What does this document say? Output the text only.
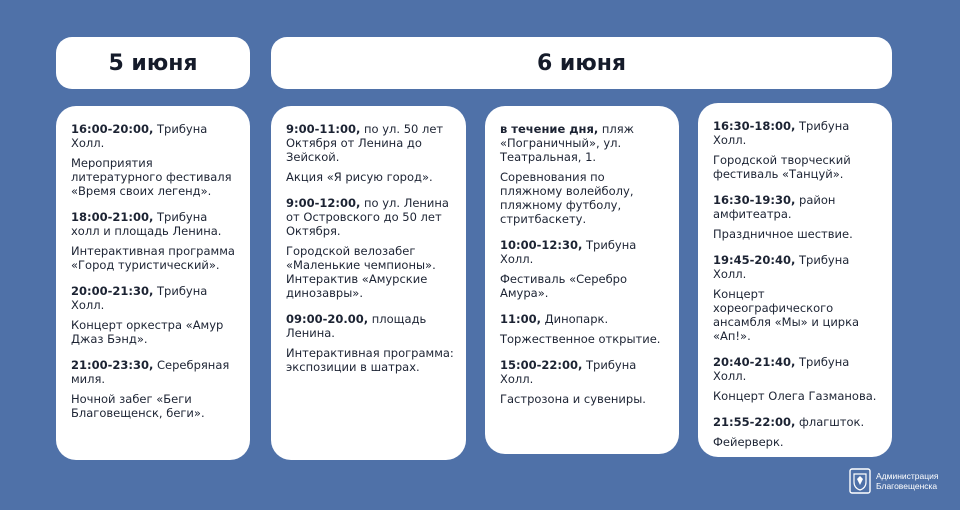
5 июня	6 июня
16:00-20:00, Трибуна Холл.
Мероприятия литературного фестиваля «Время своих легенд».
18:00-21:00, Трибуна холл и площадь Ленина.
Интерактивная программа «Город туристический».
20:00-21:30, Трибуна Холл.
Концерт оркестра «Амур Джаз Бэнд».
21:00-23:30, Серебряная миля.
Ночной забег «Беги Благовещенск, беги».
9:00-11:00, по ул. 50 лет Октября от Ленина до Зейской.
Акция «Я рисую город».
9:00-12:00, по ул. Ленина от Островского до 50 лет Октября.
Городской велозабег «Маленькие чемпионы». Интерактив «Амурские динозавры».
09:00-20.00, площадь Ленина.
Интерактивная программа: экспозиции в шатрах.
в течение дня, пляж «Пограничный», ул. Театральная, 1.
Соревнования по пляжному волейболу, пляжному футболу, стритбаскету.
10:00-12:30, Трибуна Холл.
Фестиваль «Серебро Амура».
11:00, Динопарк.
Торжественное открытие.
15:00-22:00, Трибуна Холл.
Гастрозона и сувениры.
16:30-18:00, Трибуна Холл.
Городской творческий фестиваль «Танцуй».
16:30-19:30, район амфитеатра.
Праздничное шествие.
19:45-20:40, Трибуна Холл.
Концерт хореографического ансамбля «Мы» и цирка «Ап!».
20:40-21:40, Трибуна Холл.
Концерт Олега Газманова.
21:55-22:00, флагшток.
Фейерверк.
Администрация
Благовещенска
